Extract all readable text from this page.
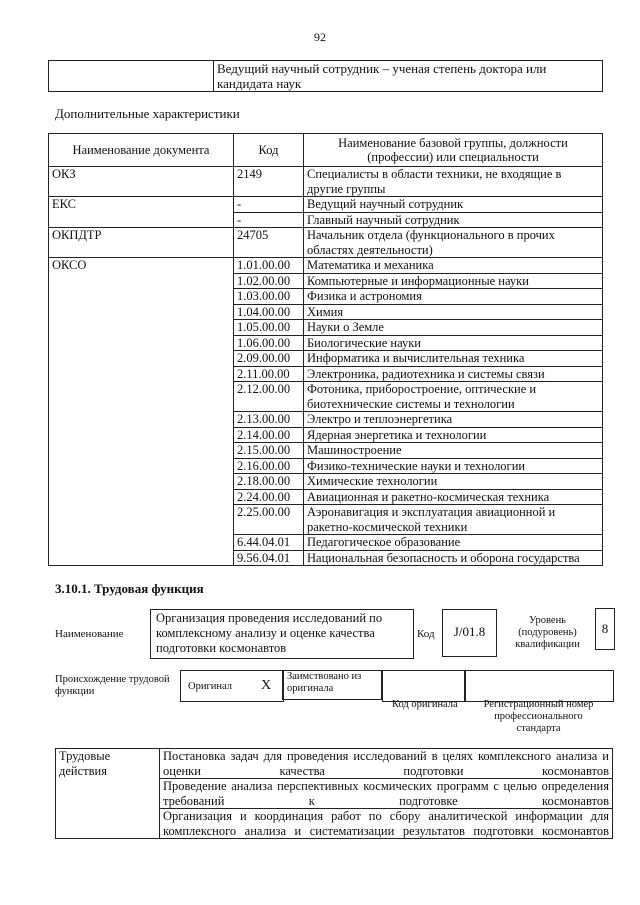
92
	Ведущий научный сотрудник – ученая степень доктора или кандидата наук
Дополнительные характеристики
Наименование документа	Код	Наименование базовой группы, должности (профессии) или специальности
ОКЗ	2149	Специалисты в области техники, не входящие в другие группы
ЕКС	-	Ведущий научный сотрудник
	-	Главный научный сотрудник
ОКПДТР	24705	Начальник отдела (функционального в прочих областях деятельности)
ОКСО	1.01.00.00	Математика и механика
	1.02.00.00	Компьютерные и информационные науки
	1.03.00.00	Физика и астрономия
	1.04.00.00	Химия
	1.05.00.00	Науки о Земле
	1.06.00.00	Биологические науки
	2.09.00.00	Информатика и вычислительная техника
	2.11.00.00	Электроника, радиотехника и системы связи
	2.12.00.00	Фотоника, приборостроение, оптические и биотехнические системы и технологии
	2.13.00.00	Электро и теплоэнергетика
	2.14.00.00	Ядерная энергетика и технологии
	2.15.00.00	Машиностроение
	2.16.00.00	Физико-технические науки и технологии
	2.18.00.00	Химические технологии
	2.24.00.00	Авиационная и ракетно-космическая техника
	2.25.00.00	Аэронавигация и эксплуатация авиационной и ракетно-космической техники
	6.44.04.01	Педагогическое образование
	9.56.04.01	Национальная безопасность и оборона государства
3.10.1. Трудовая функция
Наименование
Организация проведения исследований по комплексному анализу и оценке качества подготовки космонавтов
Код	J/01.8
Уровень (подуровень) квалификации
8
Происхождение трудовой функции	Оригинал X
Заимствовано из оригинала
Код оригинала	Регистрационный номер профессионального стандарта
Трудовые действия	Постановка задач для проведения исследований в целях комплексного анализа и оценки качества подготовки космонавтов
Проведение анализа перспективных космических программ с целью определения требований к подготовке космонавтов
Организация и координация работ по сбору аналитической информации для комплексного анализа и систематизации результатов подготовки космонавтов
